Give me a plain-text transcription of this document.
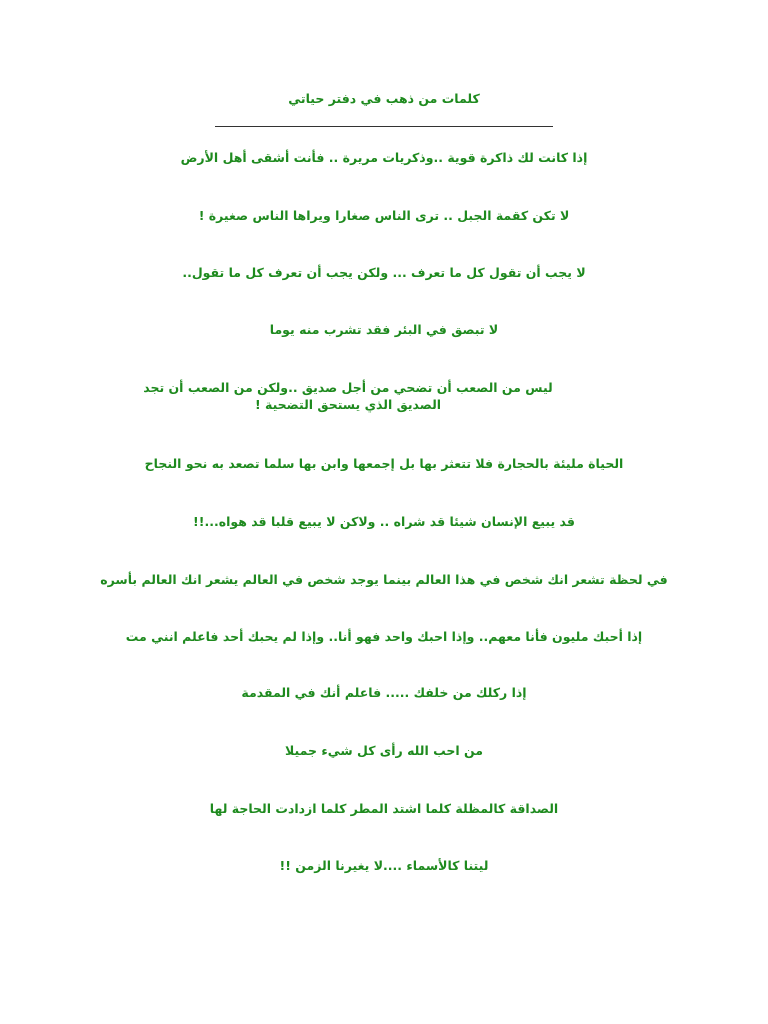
كلمات من ذهب في دفتر حياتي
إذا كانت لك ذاكرة قوية ..وذكريات مريرة .. فأنت أشقى أهل الأرض
لا تكن كقمة الجبل .. ترى الناس صغارا ويراها الناس صغيرة !
لا يجب أن تقول كل ما تعرف ... ولكن يجب أن تعرف كل ما تقول..
لا تبصق في البئر فقد تشرب منه يوما
ليس من الصعب أن تضحي من أجل صديق ..ولكن من الصعب أن تجد الصديق الذي يستحق التضحية !
الحياة مليئة بالحجارة فلا تتعثر بها بل إجمعها وابن بها سلما تصعد به نحو النجاح
قد يبيع الإنسان شيئا قد شراه .. ولاكن لا يبيع قلبا قد هواه...!!
في لحظة تشعر انك شخص في هذا العالم بينما يوجد شخص في العالم يشعر انك العالم بأسره
إذا أحبك مليون فأنا معهم.. وإذا احبك واحد فهو أنا.. وإذا لم يحبك أحد فاعلم انني مت
إذا ركلك من خلفك ..... فاعلم أنك في المقدمة
من احب الله رأى كل شيء جميلا
الصداقة كالمظلة كلما اشتد المطر كلما ازدادت الحاجة لها
ليتنا كالأسماء ....لا يغيرنا الزمن !!
